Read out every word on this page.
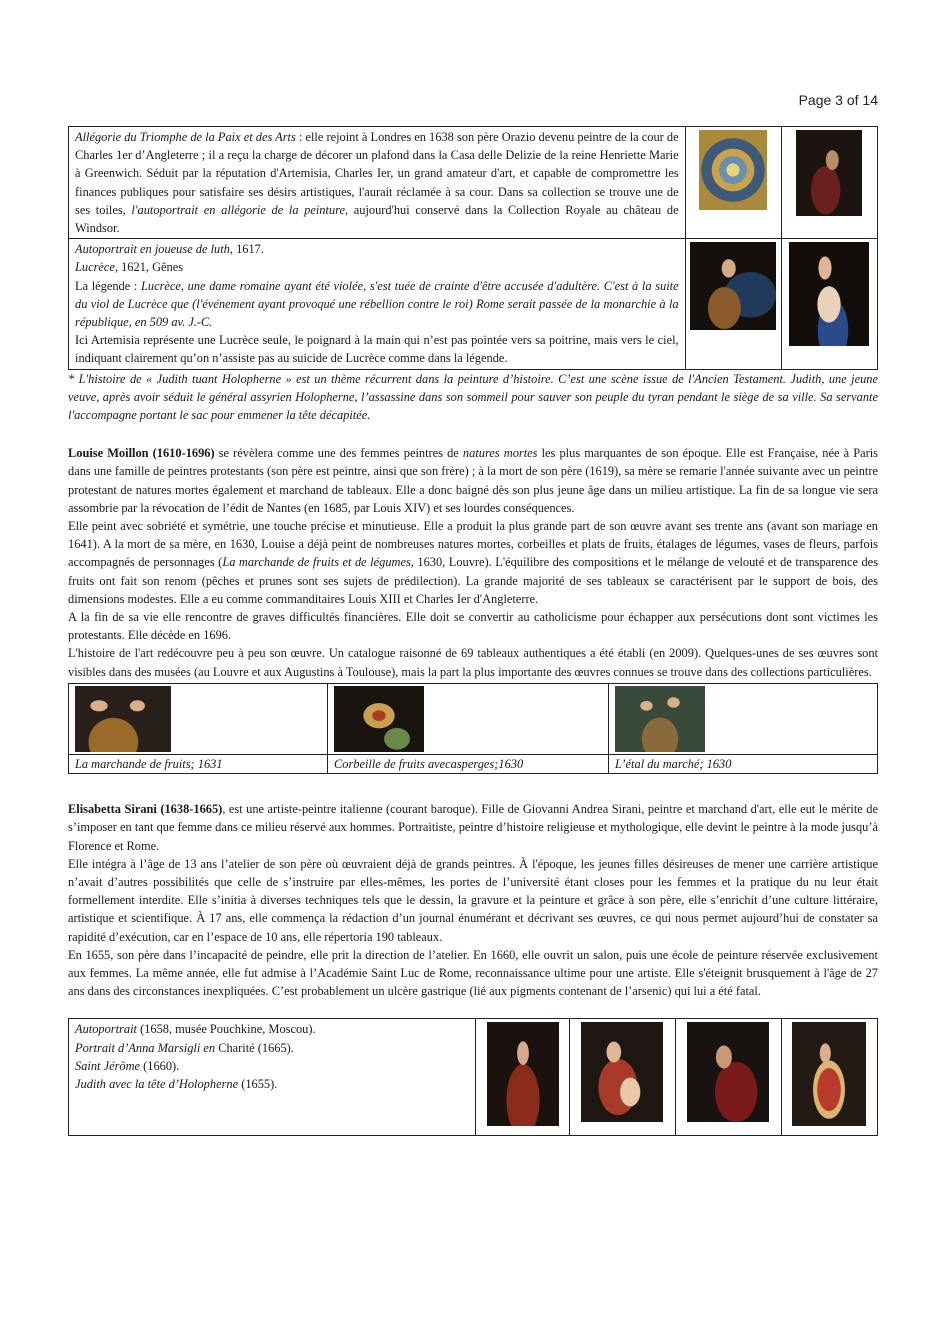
Page 3 of 14
Allégorie du Triomphe de la Paix et des Arts : elle rejoint à Londres en 1638 son père Orazio devenu peintre de la cour de Charles 1er d’Angleterre ; il a reçu la charge de décorer un plafond dans la Casa delle Delizie de la reine Henriette Marie à Greenwich. Séduit par la réputation d'Artemisia, Charles Ier, un grand amateur d'art, et capable de compromettre les finances publiques pour satisfaire ses désirs artistiques, l'aurait réclamée à sa cour. Dans sa collection se trouve une de ses toiles, l'autoportrait en allégorie de la peinture, aujourd'hui conservé dans la Collection Royale au château de Windsor.	

Autoportrait en joueuse de luth, 1617.
Lucrèce, 1621, Gênes
La légende : Lucrèce, une dame romaine ayant été violée, s'est tuée de crainte d'être accusée d'adultère. C'est à la suite du viol de Lucrèce que (l'événement ayant provoqué une rébellion contre le roi) Rome serait passée de la monarchie à la république, en 509 av. J.-C.
Ici Artemisia représente une Lucrèce seule, le poignard à la main qui n’est pas pointée vers sa poitrine, mais vers le ciel, indiquant clairement qu’on n’assiste pas au suicide de Lucrèce comme dans la légende.	

* L'histoire de « Judith tuant Holopherne » est un thème récurrent dans la peinture d’histoire. C’est une scène issue de l'Ancien Testament. Judith, une jeune veuve, après avoir séduit le général assyrien Holopherne, l’assassine dans son sommeil pour sauver son peuple du tyran pendant le siège de sa ville. Sa servante l'accompagne portant le sac pour emmener la tête décapitée.

Louise Moillon (1610-1696) se révèlera comme une des femmes peintres de natures mortes les plus marquantes de son époque. Elle est Française, née à Paris dans une famille de peintres protestants (son père est peintre, ainsi que son frère) ; à la mort de son père (1619), sa mère se remarie l'année suivante avec un peintre protestant de natures mortes également et marchand de tableaux. Elle a donc baigné dès son plus jeune âge dans un milieu artistique. La fin de sa longue vie sera assombrie par la révocation de l’édit de Nantes (en 1685, par Louis XIV) et ses lourdes conséquences.

Elle peint avec sobriété et symétrie, une touche précise et minutieuse. Elle a produit la plus grande part de son œuvre avant ses trente ans (avant son mariage en 1641). A la mort de sa mère, en 1630, Louise a déjà peint de nombreuses natures mortes, corbeilles et plats de fruits, étalages de légumes, vases de fleurs, parfois accompagnés de personnages (La marchande de fruits et de légumes, 1630, Louvre). L'équilibre des compositions et le mélange de velouté et de transparence des fruits ont fait son renom (pêches et prunes sont ses sujets de prédilection). La grande majorité de ses tableaux se caractérisent par le support de bois, des dimensions modestes. Elle a eu comme commanditaires Louis XIII et Charles Ier d'Angleterre.

A la fin de sa vie elle rencontre de graves difficultés financières. Elle doit se convertir au catholicisme pour échapper aux persécutions dont sont victimes les protestants. Elle décède en 1696.

L'histoire de l'art redécouvre peu à peu son œuvre. Un catalogue raisonné de 69 tableaux authentiques a été établi (en 2009). Quelques-unes de ses œuvres sont visibles dans des musées (au Louvre et aux Augustins à Toulouse), mais la part la plus importante des œuvres connues se trouve dans des collections particulières.

La marchande de fruits; 1631	Corbeille de fruits avecasperges;1630	L’étal du marché; 1630

Elisabetta Sirani (1638-1665), est une artiste-peintre italienne (courant baroque). Fille de Giovanni Andrea Sirani, peintre et marchand d'art, elle eut le mérite de s’imposer en tant que femme dans ce milieu réservé aux hommes. Portraitiste, peintre d’histoire religieuse et mythologique, elle devint le peintre à la mode jusqu’à Florence et Rome.

Elle intégra à l’âge de 13 ans l’atelier de son père où œuvraient déjà de grands peintres. À l'époque, les jeunes filles désireuses de mener une carrière artistique n’avait d’autres possibilités que celle de s’instruire par elles-mêmes, les portes de l’université étant closes pour les femmes et la pratique du nu leur était formellement interdite. Elle s’initia à diverses techniques tels que le dessin, la gravure et la peinture et grâce à son père, elle s’enrichit d’une culture littéraire, artistique et scientifique. À 17 ans, elle commença la rédaction d’un journal énumérant et décrivant ses œuvres, ce qui nous permet aujourd’hui de constater sa rapidité d’exécution, car en l’espace de 10 ans, elle répertoria 190 tableaux.

En 1655, son père dans l’incapacité de peindre, elle prit la direction de l’atelier. En 1660, elle ouvrit un salon, puis une école de peinture réservée exclusivement aux femmes. La même année, elle fut admise à l’Académie Saint Luc de Rome, reconnaissance ultime pour une artiste. Elle s'éteignit brusquement à l'âge de 27 ans dans des circonstances inexpliquées. C’est probablement un ulcère gastrique (lié aux pigments contenant de l’arsenic) qui lui a été fatal.

Autoportrait (1658, musée Pouchkine, Moscou).
Portrait d’Anna Marsigli en Charité (1665).
Saint Jérôme (1660).
Judith avec la tête d’Holopherne (1655).
